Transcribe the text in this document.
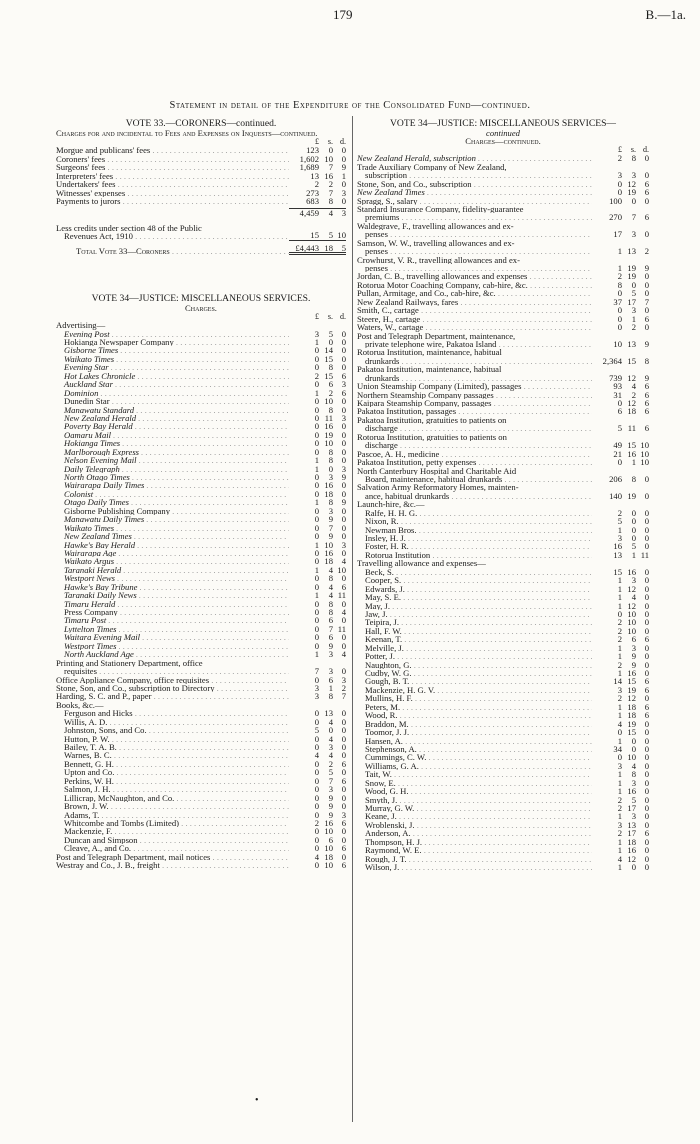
179	B.—1a.
Statement in detail of the Expenditure of the Consolidated Fund—continued.
VOTE 33.—CORONERS—continued.
Charges for and incidental to Fees and Expenses on Inquests—continued.
£	s. d.
Morgue and publicans' fees . . .	123	0	0
Coroners' fees . . .	1,602 10	0
Surgeons' fees . . .	1,689	7	9
Interpreters' fees . . .	13 16	1
Undertakers' fees . . .	2	2	0
Witnesses' expenses . . .	273	7	3
Payments to jurors . . .	683	8	0
4,459	4	3
Less credits under section 48 of the Public
Revenues Act, 1910 . . .	15	5 10
Total Vote 33—Coroners . . .	£4,443 18	5
VOTE 34—JUSTICE: MISCELLANEOUS SERVICES.
Charges.
£	s. d.
Advertising—
Evening Post . . .	3	5	0
Hokianga Newspaper Company . . .	1	0	0
Gisborne Times . . .	0 14	0
Waikato Times . . .	0 15	0
Evening Star . . .	0	8	0
Hot Lakes Chronicle . . .	2 15	6
Auckland Star . . .	0	6	3
Dominion . . .	1	2	6
Dunedin Star . . .	0 10	0
Manawatu Standard . . .	0	8	0
New Zealand Herald . . .	0 11	3
Poverty Bay Herald . . .	0 16	0
Oamaru Mail . . .	0 19	0
Hokianga Times . . .	0 10	0
Marlborough Express . . .	0	8	0
Nelson Evening Mail . . .	1	8	0
Daily Telegraph . . .	1	0	3
North Otago Times . . .	0	3	9
Wairarapa Daily Times . . .	0 16	0
Colonist . . .	0 18	0
Otago Daily Times . . .	1	8	9
Gisborne Publishing Company . . .	0	3	0
Manawatu Daily Times . . .	0	9	0
Waikato Times . . .	0	7	0
New Zealand Times . . .	0	9	0
Hawke's Bay Herald . . .	1 10	3
Wairarapa Age . . .	0 16	0
Waikato Argus . . .	0 18	4
Taranaki Herald . . .	1	4 10
Westport News . . .	0	8	0
Hawke's Bay Tribune . . .	0	4	6
Taranaki Daily News . . .	1	4 11
Timaru Herald . . .	0	8	0
Press Company . . .	0	8	4
Timaru Post . . .	0	6	0
Lyttelton Times . . .	0	7 11
Waitara Evening Mail . . .	0	6	0
Westport Times . . .	0	9	0
North Auckland Age . . .	1	3	4
Printing and Stationery Department, office
requisites . . .	7	3	0
Office Appliance Company, office requisites . . .	0	6	3
Stone, Son, and Co., subscription to Directory . . .	3	1	2
Harding, S. C. and P., paper . . .	3	8	7
Books, &c.—
Ferguson and Hicks . . .	0 13	0
Willis, A. D. . . .	0	4	0
Johnston, Sons, and Co. . . .	5	0	0
Hutton, P. W. . . .	0	4	0
Bailey, T. A. B. . . .	0	3	0
Warnes, B. C. . . .	4	4	0
Bennett, G. H. . . .	0	2	6
Upton and Co. . . .	0	5	0
Perkins, W. H. . . .	0	7	6
Salmon, J. H. . . .	0	3	0
Lillicrap, McNaughton, and Co. . . .	0	9	0
Brown, J. W. . . .	0	9	0
Adams, T. . . .	0	9	3
Whitcombe and Tombs (Limited) . . .	2 16	6
Mackenzie, F. . . .	0 10	0
Duncan and Simpson . . .	0	6	0
Cleave, A., and Co. . . .	0 10	6
Post and Telegraph Department, mail notices . . .	4 18	0
Westray and Co., J. B., freight . . .	0 10	6
VOTE 34—JUSTICE: MISCELLANEOUS SERVICES—
continued
Charges—continued.
£	s. d.
New Zealand Herald, subscription . . .	2	8	0
Trade Auxiliary Company of New Zealand,
subscription . . .	3	3	0
Stone, Son, and Co., subscription . . .	0 12	6
New Zealand Times . . .	0 19	6
Spragg, S., salary . . .	100	0	0
Standard Insurance Company, fidelity-guarantee
premiums . . .	270	7	6
Waldegrave, F., travelling allowances and ex-
penses . . .	17	3	0
Samson, W. W., travelling allowances and ex-
penses . . .	1 13	2
Crowhurst, V. R., travelling allowances and ex-
penses . . .	1 19	9
Jordan, C. B., travelling allowances and expenses . . .	2 19	0
Rotorua Motor Coaching Company, cab-hire, &c. . . .	8	0	0
Pullan, Armitage, and Co., cab-hire, &c. . . .	0	5	0
New Zealand Railways, fares . . .	37 17	7
Smith, C., cartage . . .	0	3	0
Steere, H., cartage . . .	0	1	6
Waters, W., cartage . . .	0	2	0
Post and Telegraph Department, maintenance,
private telephone wire, Pakatoa Island . . .	10 13	9
Rotorua Institution, maintenance, habitual
drunkards . . .	2,364 15	8
Pakatoa Institution, maintenance, habitual
drunkards . . .	739 12	9
Union Steamship Company (Limited), passages . . .	93	4	6
Northern Steamship Company passages . . .	31	2	6
Kaipara Steamship Company, passages . . .	0 12	6
Pakatoa Institution, passages . . .	6 18	6
Pakatoa Institution, gratuities to patients on
discharge . . .	5 11	6
Rotorua Institution, gratuities to patients on
discharge . . .	49 15 10
Pascoe, A. H., medicine . . .	21 16 10
Pakatoa Institution, petty expenses . . .	0	1 10
North Canterbury Hospital and Charitable Aid
Board, maintenance, habitual drunkards . . .	206	8	0
Salvation Army Reformatory Homes, mainten-
ance, habitual drunkards . . .	140 19	0
Launch-hire, &c.—
Ralfe, H. H. G. . . .	2	0	0
Nixon, R. . . .	5	0	0
Newman Bros. . . .	1	0	0
Insley, H. J. . . .	3	0	0
Foster, H. R. . . .	16	5	0
Rotorua Institution . . .	13	1 11
Travelling allowance and expenses—
Beck, S. . . .	15 16	0
Cooper, S. . . .	1	3	0
Edwards, J. . . .	1 12	0
May, S. E. . . .	1	4	0
May, J. . . .	1 12	0
Jaw, J. . . .	0 10	0
Teipira, J. . . .	2 10	0
Hall, F. W. . . .	2 10	0
Keenan, T. . . .	2	6	6
Melville, J. . . .	1	3	0
Potter, J. . . .	1	9	0
Naughton, G. . . .	2	9	0
Cudby, W. G. . . .	1 16	0
Gough, B. T. . . .	14 15	6
Mackenzie, H. G. V. . . .	3 19	6
Mullins, H. F. . . .	2 12	0
Peters, M. . . .	1 18	6
Wood, R. . . .	1 18	6
Braddon, M. . . .	4 19	0
Toomor, J. J. . . .	0 15	0
Hansen, A. . . .	1	0	0
Stephenson, A. . . .	34	0	0
Cummings, C. W. . . .	0 10	0
Williams, G. A. . . .	3	4	0
Tait, W. . . .	1	8	0
Snow, E. . . .	1	3	0
Wood, G. H. . . .	1 16	0
Smyth, J. . . .	2	5	0
Murray, G. W. . . .	2 17	0
Keane, J. . . .	1	3	0
Wroblenski, J. . . .	3 13	0
Anderson, A. . . .	2 17	6
Thompson, H. J. . . .	1 18	0
Raymond, W. E. . . .	1 16	0
Rough, J. T. . . .	4 12	0
Wilson, J. . . .	1	0	0
•
